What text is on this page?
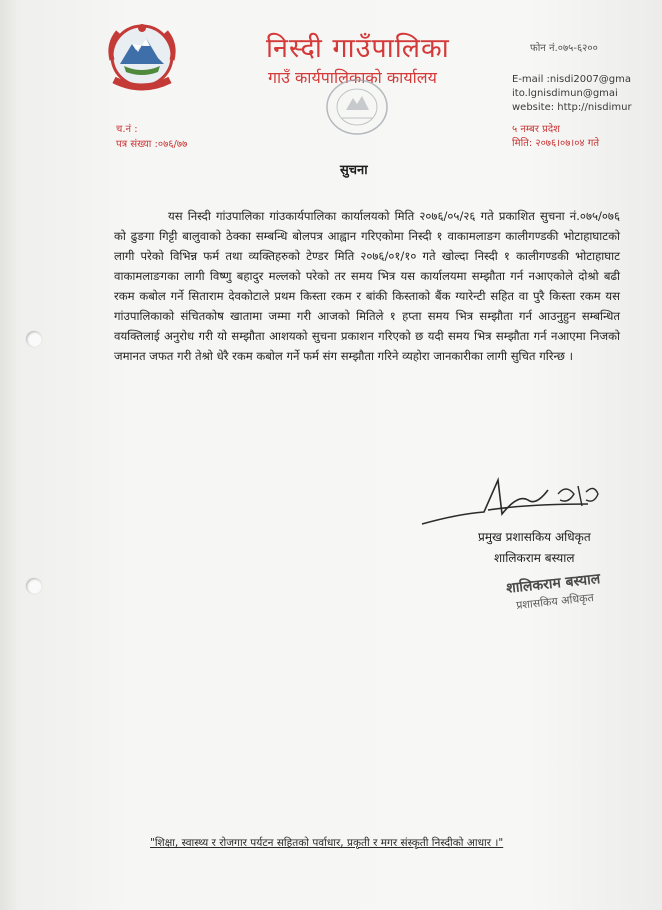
निस्दी गाउँपालिका
गाउँ कार्यपालिकाको कार्यालय
फोन नं.०७५-६२००
E-mail :nisdi2007@gma
ito.lgnisdimun@gmai
website: http://nisdimur
५ नम्बर प्रदेश
मिति: २०७६।०७।०४ गते
च.नं :
पत्र संख्या :०७६/७७
सुचना
यस निस्दी गांउपालिका गांउकार्यपालिका कार्यालयको मिति २०७६/०५/२६ गते प्रकाशित सुचना नं.०७५/०७६ को ढुङगा गिट्टी बालुवाको ठेक्का सम्बन्धि बोलपत्र आह्वान गरिएकोमा निस्दी १ वाकामलाङग कालीगण्डकी भोटाहाघाटको लागी परेको विभिन्न फर्म तथा व्यक्तिहरुको टेण्डर मिति २०७६/०१/१० गते खोल्दा निस्दी १ कालीगण्डकी भोटाहाघाट वाकामलाङगका लागी विष्णु बहादुर मल्लको परेको तर समय भित्र यस कार्यालयमा सम्झौता गर्न नआएकोले दोश्रो बढी रकम कबोल गर्ने सिताराम देवकोटाले प्रथम किस्ता रकम र बांकी किस्ताको बैंक ग्यारेन्टी सहित वा पुरै किस्ता रकम यस गांउपालिकाको संचितकोष खातामा जम्मा गरी आजको मितिले १ हप्ता समय भित्र सम्झौता गर्न आउनुहुन सम्बन्धित वयक्तिलाई अनुरोध गरी यो सम्झौता आशयको सुचना प्रकाशन गरिएको छ यदी समय भित्र सम्झौता गर्न नआएमा निजको जमानत जफत गरी तेश्रो धेरै रकम कबोल गर्ने फर्म संग सम्झौता गरिने व्यहोरा जानकारीका लागी सुचित गरिन्छ ।
प्रमुख प्रशासकिय अधिकृत
शालिकराम बस्याल
शालिकराम बस्याल
प्रशासकिय अधिकृत
"शिक्षा, स्वास्थ्य र रोजगार पर्यटन सहितको पर्वाधार, प्रकृती र मगर संस्कृती निस्दीको आधार ।"
